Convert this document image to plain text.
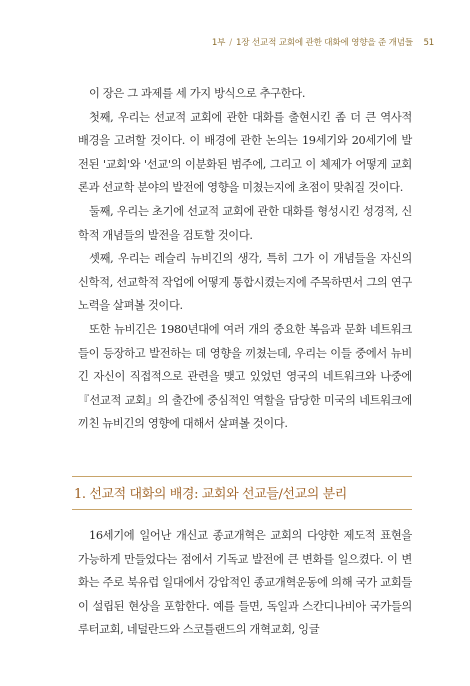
1부 / 1장 선교적 교회에 관한 대화에 영향을 준 개념들 51

이 장은 그 과제를 세 가지 방식으로 추구한다.

첫째, 우리는 선교적 교회에 관한 대화를 출현시킨 좀 더 큰 역사적 배경을 고려할 것이다. 이 배경에 관한 논의는 19세기와 20세기에 발전된 '교회'와 '선교'의 이분화된 범주에, 그리고 이 체제가 어떻게 교회론과 선교학 분야의 발전에 영향을 미쳤는지에 초점이 맞춰질 것이다.

둘째, 우리는 초기에 선교적 교회에 관한 대화를 형성시킨 성경적, 신학적 개념들의 발전을 검토할 것이다.

셋째, 우리는 레슬리 뉴비긴의 생각, 특히 그가 이 개념들을 자신의 신학적, 선교학적 작업에 어떻게 통합시켰는지에 주목하면서 그의 연구 노력을 살펴볼 것이다.

또한 뉴비긴은 1980년대에 여러 개의 중요한 복음과 문화 네트워크들이 등장하고 발전하는 데 영향을 끼쳤는데, 우리는 이들 중에서 뉴비긴 자신이 직접적으로 관련을 맺고 있었던 영국의 네트워크와 나중에 『선교적 교회』의 출간에 중심적인 역할을 담당한 미국의 네트워크에 끼친 뉴비긴의 영향에 대해서 살펴볼 것이다.

1. 선교적 대화의 배경: 교회와 선교들/선교의 분리

16세기에 일어난 개신교 종교개혁은 교회의 다양한 제도적 표현을 가능하게 만들었다는 점에서 기독교 발전에 큰 변화를 일으켰다. 이 변화는 주로 북유럽 일대에서 강압적인 종교개혁운동에 의해 국가 교회들이 설립된 현상을 포함한다. 예를 들면, 독일과 스칸디나비아 국가들의 루터교회, 네덜란드와 스코틀랜드의 개혁교회, 잉글
